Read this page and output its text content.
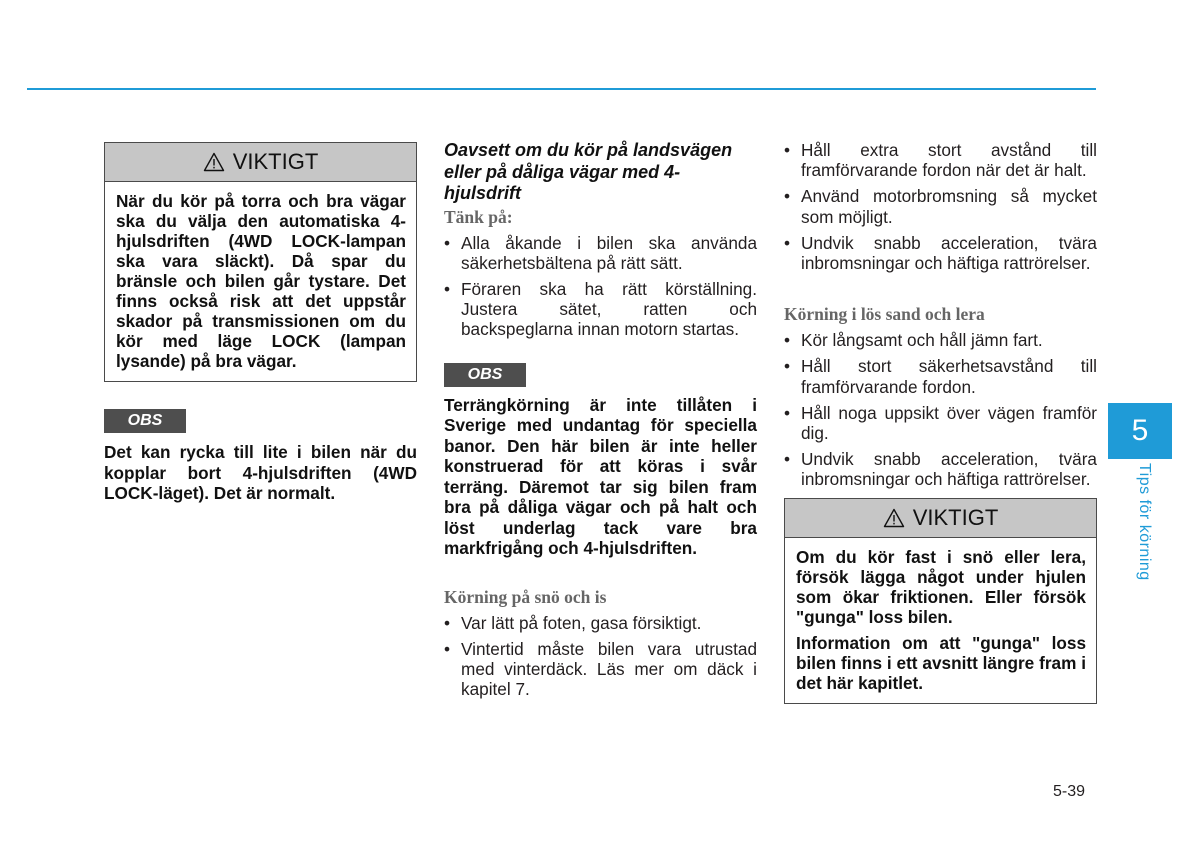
VIKTIGT

När du kör på torra och bra vägar ska du välja den automatiska 4-hjulsdriften (4WD LOCK-lampan ska vara släckt). Då spar du bränsle och bilen går tystare. Det finns också risk att det uppstår skador på transmissionen om du kör med läge LOCK (lampan lysande) på bra vägar.

OBS

Det kan rycka till lite i bilen när du kopplar bort 4-hjulsdriften (4WD LOCK-läget). Det är normalt.

Oavsett om du kör på landsvägen eller på dåliga vägar med 4-hjulsdrift

Tänk på:

• Alla åkande i bilen ska använda säkerhetsbältena på rätt sätt.
• Föraren ska ha rätt körställning. Justera sätet, ratten och backspeglarna innan motorn startas.
OBS

Terrängkörning är inte tillåten i Sverige med undantag för speciella banor. Den här bilen är inte heller konstruerad för att köras i svår terräng. Däremot tar sig bilen fram bra på dåliga vägar och på halt och löst underlag tack vare bra markfrigång och 4-hjulsdriften.

Körning på snö och is

• Var lätt på foten, gasa försiktigt.
• Vintertid måste bilen vara utrustad med vinterdäck. Läs mer om däck i kapitel 7.
• Håll extra stort avstånd till framförvarande fordon när det är halt.
• Använd motorbromsning så mycket som möjligt.
• Undvik snabb acceleration, tvära inbromsningar och häftiga rattrörelser.

Körning i lös sand och lera

• Kör långsamt och håll jämn fart.
• Håll stort säkerhetsavstånd till framförvarande fordon.
• Håll noga uppsikt över vägen framför dig.
• Undvik snabb acceleration, tvära inbromsningar och häftiga rattrörelser.
VIKTIGT

Om du kör fast i snö eller lera, försök lägga något under hjulen som ökar friktionen. Eller försök "gunga" loss bilen.

Information om att "gunga" loss bilen finns i ett avsnitt längre fram i det här kapitlet.

5
Tips för körning
5-39
